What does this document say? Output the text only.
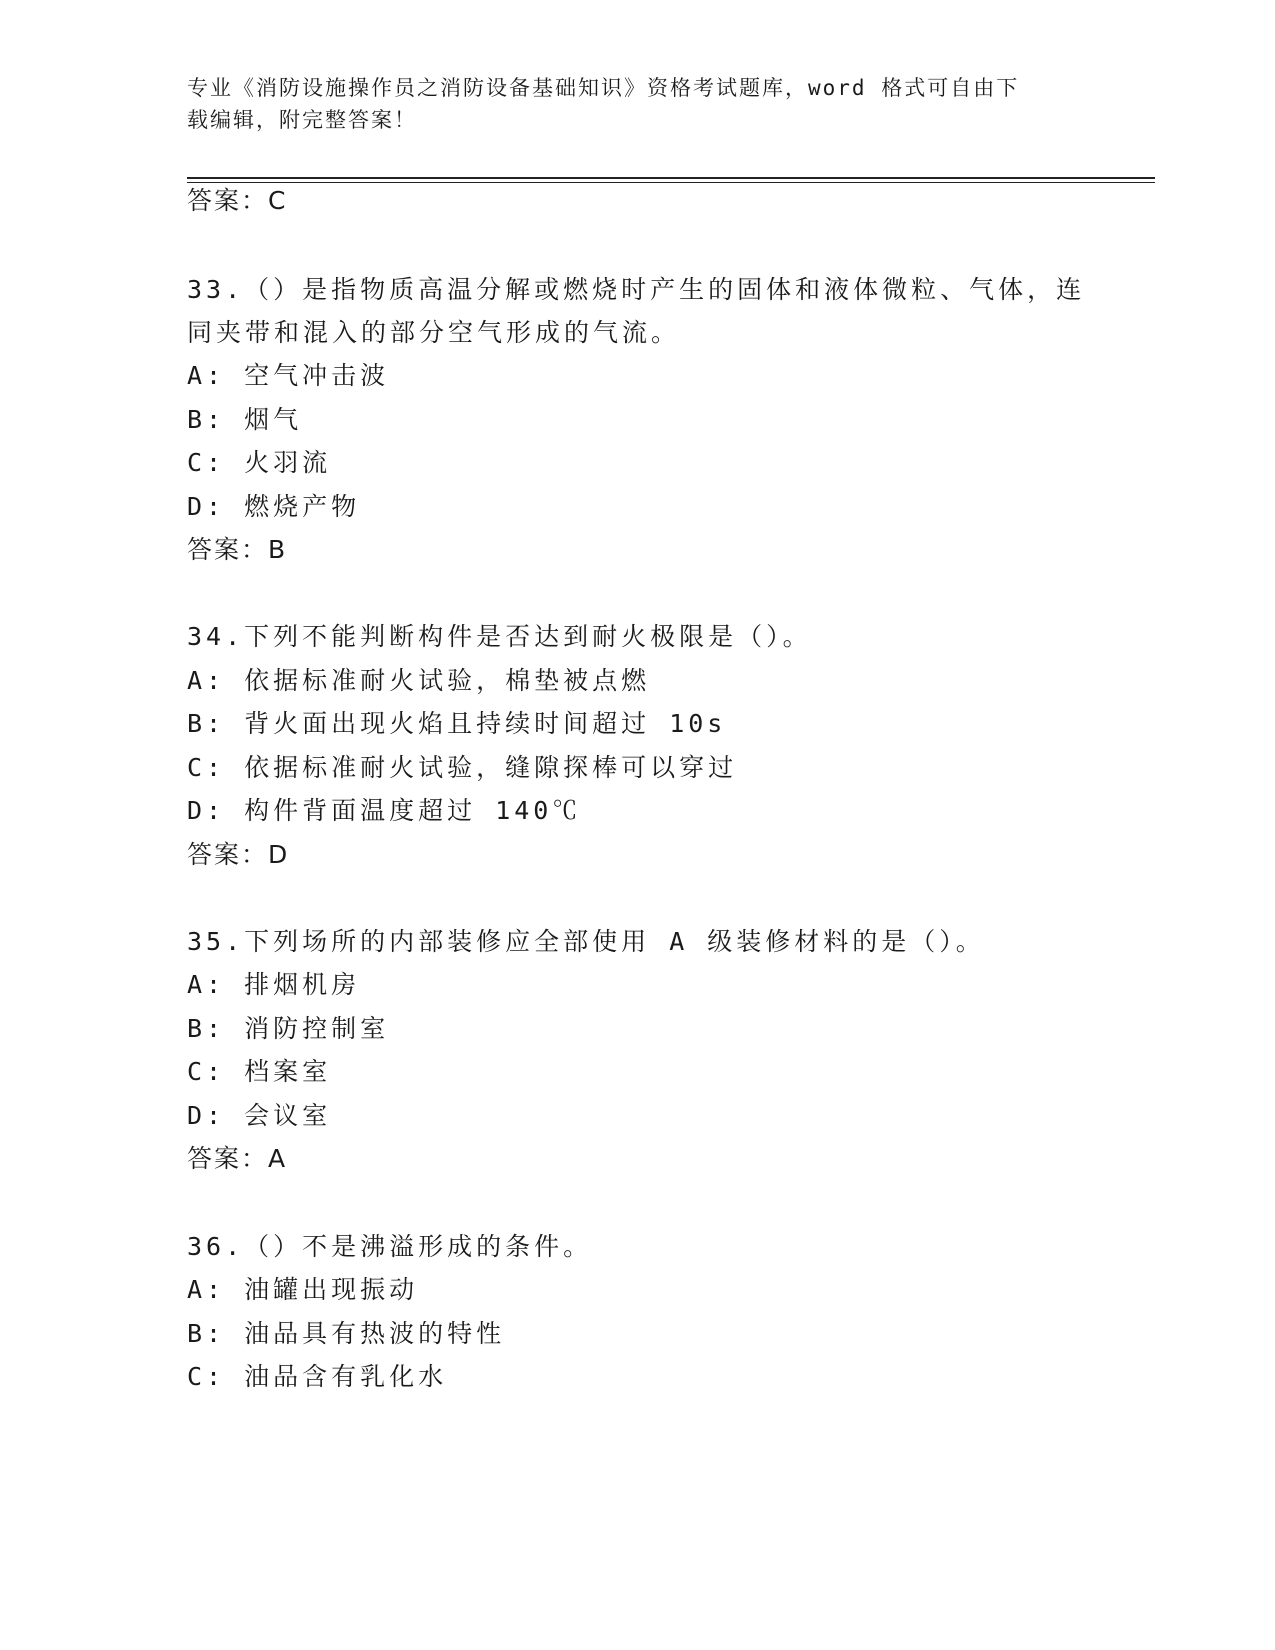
专业《消防设施操作员之消防设备基础知识》资格考试题库，word 格式可自由下
载编辑，附完整答案！
答案：C
33.（）是指物质高温分解或燃烧时产生的固体和液体微粒、气体，连
同夹带和混入的部分空气形成的气流。
A: 空气冲击波
B: 烟气
C: 火羽流
D: 燃烧产物
答案：B
34.下列不能判断构件是否达到耐火极限是（）。
A: 依据标准耐火试验，棉垫被点燃
B: 背火面出现火焰且持续时间超过 10s
C: 依据标准耐火试验，缝隙探棒可以穿过
D: 构件背面温度超过 140℃
答案：D
35.下列场所的内部装修应全部使用 A 级装修材料的是（）。
A: 排烟机房
B: 消防控制室
C: 档案室
D: 会议室
答案：A
36.（）不是沸溢形成的条件。
A: 油罐出现振动
B: 油品具有热波的特性
C: 油品含有乳化水
